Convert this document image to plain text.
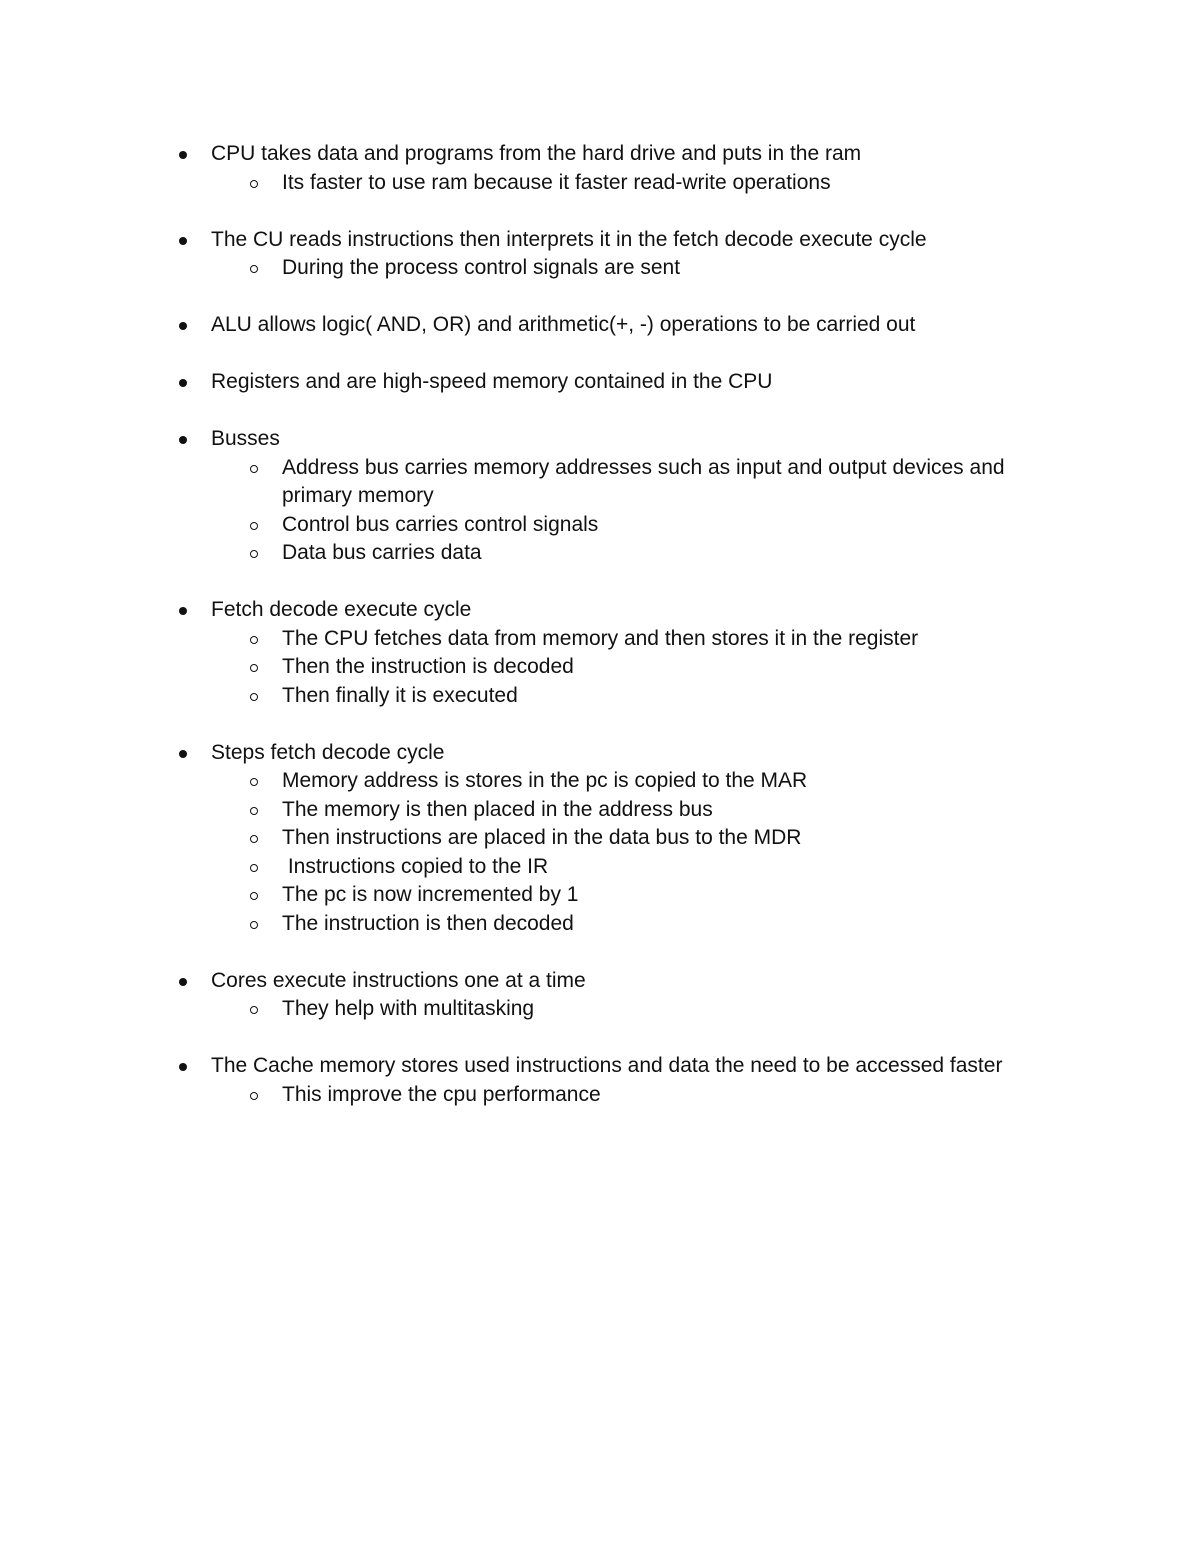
CPU takes data and programs from the hard drive and puts in the ram
Its faster to use ram because it faster read-write operations
The CU reads instructions then interprets it in the fetch decode execute cycle
During the process control signals are sent
ALU allows logic( AND, OR) and arithmetic(+, -) operations to be carried out
Registers and are high-speed memory contained in the CPU
Busses
Address bus carries memory addresses such as input and output devices and primary memory
Control bus carries control signals
Data bus carries data
Fetch decode execute cycle
The CPU fetches data from memory and then stores it in the register
Then the instruction is decoded
Then finally it is executed
Steps fetch decode cycle
Memory address is stores in the pc is copied to the MAR
The memory is then placed in the address bus
Then instructions are placed in the data bus to the MDR
Instructions copied to the IR
The pc is now incremented by 1
The instruction is then decoded
Cores execute instructions one at a time
They help with multitasking
The Cache memory stores used instructions and data the need to be accessed faster
This improve the cpu performance
